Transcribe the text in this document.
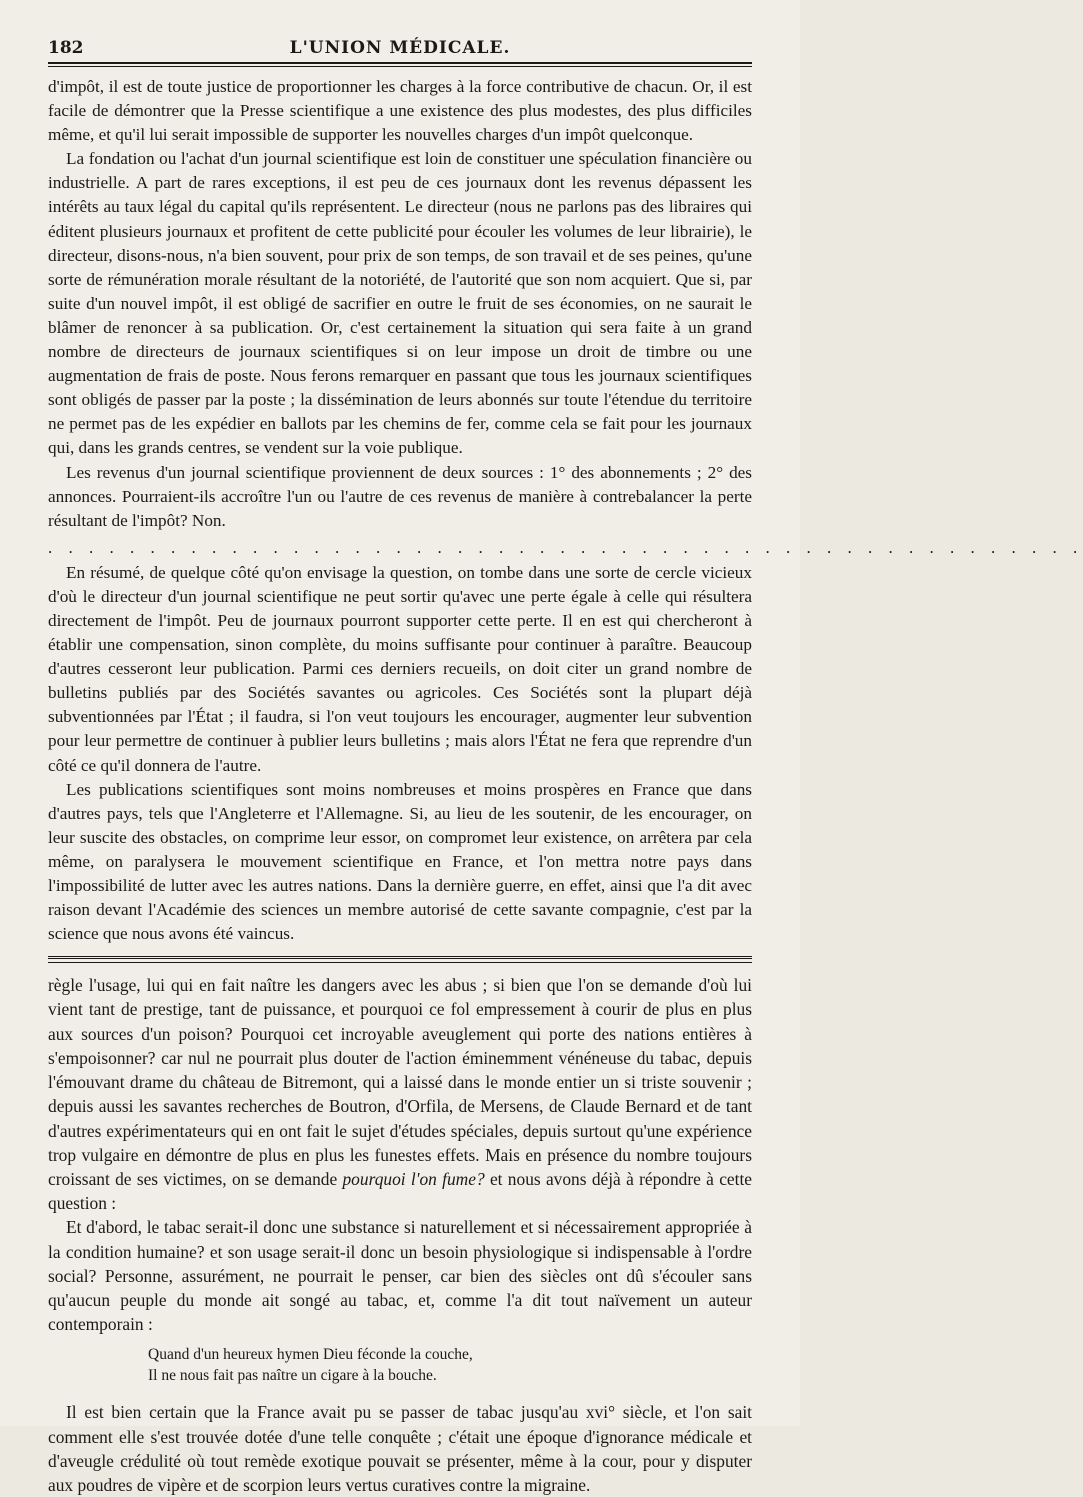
182	L'UNION MÉDICALE.

d'impôt, il est de toute justice de proportionner les charges à la force contributive de chacun. Or, il est facile de démontrer que la Presse scientifique a une existence des plus modestes, des plus difficiles même, et qu'il lui serait impossible de supporter les nouvelles charges d'un impôt quelconque.

La fondation ou l'achat d'un journal scientifique est loin de constituer une spéculation financière ou industrielle. A part de rares exceptions, il est peu de ces journaux dont les revenus dépassent les intérêts au taux légal du capital qu'ils représentent. Le directeur (nous ne parlons pas des libraires qui éditent plusieurs journaux et profitent de cette publicité pour écouler les volumes de leur librairie), le directeur, disons-nous, n'a bien souvent, pour prix de son temps, de son travail et de ses peines, qu'une sorte de rémunération morale résultant de la notoriété, de l'autorité que son nom acquiert. Que si, par suite d'un nouvel impôt, il est obligé de sacrifier en outre le fruit de ses économies, on ne saurait le blâmer de renoncer à sa publication. Or, c'est certainement la situation qui sera faite à un grand nombre de directeurs de journaux scientifiques si on leur impose un droit de timbre ou une augmentation de frais de poste. Nous ferons remarquer en passant que tous les journaux scientifiques sont obligés de passer par la poste ; la dissémination de leurs abonnés sur toute l'étendue du territoire ne permet pas de les expédier en ballots par les chemins de fer, comme cela se fait pour les journaux qui, dans les grands centres, se vendent sur la voie publique.

Les revenus d'un journal scientifique proviennent de deux sources : 1° des abonnements ; 2° des annonces. Pourraient-ils accroître l'un ou l'autre de ces revenus de manière à contrebalancer la perte résultant de l'impôt? Non.

. . . . . . . . . . . . . . . . . . . . . . . . . . . . . . . . . . . . . . . . . . . . . . . . . . .

En résumé, de quelque côté qu'on envisage la question, on tombe dans une sorte de cercle vicieux d'où le directeur d'un journal scientifique ne peut sortir qu'avec une perte égale à celle qui résultera directement de l'impôt. Peu de journaux pourront supporter cette perte. Il en est qui chercheront à établir une compensation, sinon complète, du moins suffisante pour continuer à paraître. Beaucoup d'autres cesseront leur publication. Parmi ces derniers recueils, on doit citer un grand nombre de bulletins publiés par des Sociétés savantes ou agricoles. Ces Sociétés sont la plupart déjà subventionnées par l'État ; il faudra, si l'on veut toujours les encourager, augmenter leur subvention pour leur permettre de continuer à publier leurs bulletins ; mais alors l'État ne fera que reprendre d'un côté ce qu'il donnera de l'autre.

Les publications scientifiques sont moins nombreuses et moins prospères en France que dans d'autres pays, tels que l'Angleterre et l'Allemagne. Si, au lieu de les soutenir, de les encourager, on leur suscite des obstacles, on comprime leur essor, on compromet leur existence, on arrêtera par cela même, on paralysera le mouvement scientifique en France, et l'on mettra notre pays dans l'impossibilité de lutter avec les autres nations. Dans la dernière guerre, en effet, ainsi que l'a dit avec raison devant l'Académie des sciences un membre autorisé de cette savante compagnie, c'est par la science que nous avons été vaincus.

règle l'usage, lui qui en fait naître les dangers avec les abus ; si bien que l'on se demande d'où lui vient tant de prestige, tant de puissance, et pourquoi ce fol empressement à courir de plus en plus aux sources d'un poison? Pourquoi cet incroyable aveuglement qui porte des nations entières à s'empoisonner? car nul ne pourrait plus douter de l'action éminemment vénéneuse du tabac, depuis l'émouvant drame du château de Bitremont, qui a laissé dans le monde entier un si triste souvenir ; depuis aussi les savantes recherches de Boutron, d'Orfila, de Mersens, de Claude Bernard et de tant d'autres expérimentateurs qui en ont fait le sujet d'études spéciales, depuis surtout qu'une expérience trop vulgaire en démontre de plus en plus les funestes effets. Mais en présence du nombre toujours croissant de ses victimes, on se demande pourquoi l'on fume? et nous avons déjà à répondre à cette question :

Et d'abord, le tabac serait-il donc une substance si naturellement et si nécessairement appropriée à la condition humaine? et son usage serait-il donc un besoin physiologique si indispensable à l'ordre social? Personne, assurément, ne pourrait le penser, car bien des siècles ont dû s'écouler sans qu'aucun peuple du monde ait songé au tabac, et, comme l'a dit tout naïvement un auteur contemporain :

Quand d'un heureux hymen Dieu féconde la couche,
Il ne nous fait pas naître un cigare à la bouche.

Il est bien certain que la France avait pu se passer de tabac jusqu'au xvi° siècle, et l'on sait comment elle s'est trouvée dotée d'une telle conquête ; c'était une époque d'ignorance médicale et d'aveugle crédulité où tout remède exotique pouvait se présenter, même à la cour, pour y disputer aux poudres de vipère et de scorpion leurs vertus curatives contre la migraine.
